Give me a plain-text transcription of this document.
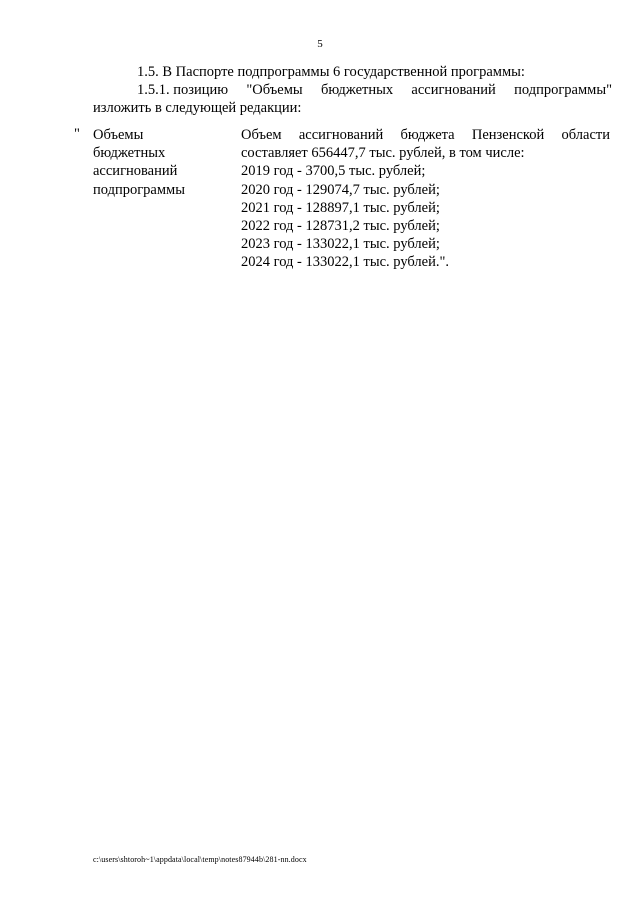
5
1.5. В Паспорте подпрограммы 6 государственной программы:
1.5.1. позицию "Объемы бюджетных ассигнований подпрограммы"
изложить в следующей редакции:
" Объемы
бюджетных
ассигнований
подпрограммы
Объем ассигнований бюджета Пензенской области
составляет 656447,7 тыс. рублей, в том числе:
2019 год - 3700,5 тыс. рублей;
2020 год - 129074,7 тыс. рублей;
2021 год - 128897,1 тыс. рублей;
2022 год - 128731,2 тыс. рублей;
2023 год - 133022,1 тыс. рублей;
2024 год - 133022,1 тыс. рублей.".
c:\users\shtoroh~1\appdata\local\temp\notes87944b\281-nn.docx
